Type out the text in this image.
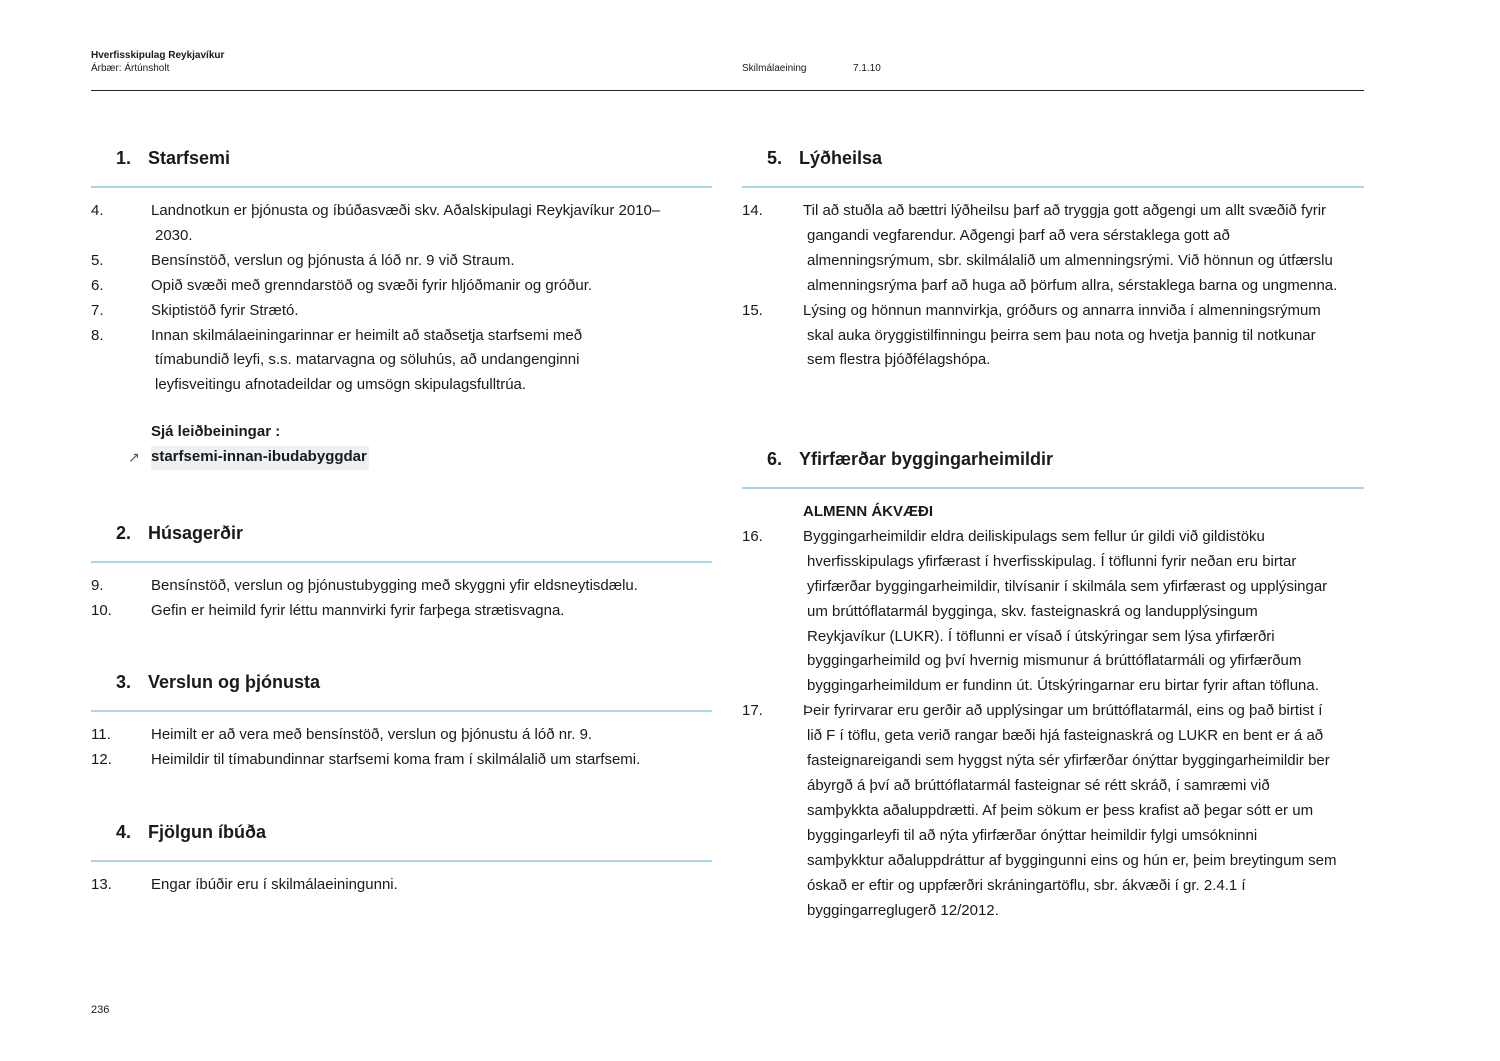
Hverfisskipulag Reykjavíkur
Árbær: Ártúnsholt	Skilmálaeining	7.1.10
1. Starfsemi
4.	Landnotkun er þjónusta og íbúðasvæði skv. Aðalskipulagi Reykjavíkur 2010–2030.
5.	Bensínstöð, verslun og þjónusta á lóð nr. 9 við Straum.
6.	Opið svæði með grenndarstöð og svæði fyrir hljóðmanir og gróður.
7.	Skiptistöð fyrir Strætó.
8.	Innan skilmálaeiningarinnar er heimilt að staðsetja starfsemi með tímabundið leyfi, s.s. matarvagna og söluhús, að undangenginni leyfisveitingu afnotadeildar og umsögn skipulagsfulltrúa.
Sjá leiðbeiningar :
↗ starfsemi-innan-ibudabyggdar
2. Húsagerðir
9.	Bensínstöð, verslun og þjónustubygging með skyggni yfir eldsneytisdælu.
10.	Gefin er heimild fyrir léttu mannvirki fyrir farþega strætisvagna.
3. Verslun og þjónusta
11.	Heimilt er að vera með bensínstöð, verslun og þjónustu á lóð nr. 9.
12.	Heimildir til tímabundinnar starfsemi koma fram í skilmálalið um starfsemi.
4. Fjölgun íbúða
13.	Engar íbúðir eru í skilmálaeiningunni.
5. Lýðheilsa
14.	Til að stuðla að bættri lýðheilsu þarf að tryggja gott aðgengi um allt svæðið fyrir gangandi vegfarendur. Aðgengi þarf að vera sérstaklega gott að almenningsrýmum, sbr. skilmálalið um almenningsrými. Við hönnun og útfærslu almenningsrýma þarf að huga að þörfum allra, sérstaklega barna og ungmenna.
15.	Lýsing og hönnun mannvirkja, gróðurs og annarra innviða í almenningsrýmum skal auka öryggistilfinningu þeirra sem þau nota og hvetja þannig til notkunar sem flestra þjóðfélagshópa.
6. Yfirfærðar byggingarheimildir
ALMENN ÁKVÆÐI
16.	Byggingarheimildir eldra deiliskipulags sem fellur úr gildi við gildistöku hverfisskipulags yfirfærast í hverfisskipulag. Í töflunni fyrir neðan eru birtar yfirfærðar byggingarheimildir, tilvísanir í skilmála sem yfirfærast og upplýsingar um brúttóflatarmál bygginga, skv. fasteignaskrá og landupplýsingum Reykjavíkur (LUKR). Í töflunni er vísað í útskýringar sem lýsa yfirfærðri byggingarheimild og því hvernig mismunur á brúttóflatarmáli og yfirfærðum byggingarheimildum er fundinn út. Útskýringarnar eru birtar fyrir aftan töfluna.
17.	Þeir fyrirvarar eru gerðir að upplýsingar um brúttóflatarmál, eins og það birtist í lið F í töflu, geta verið rangar bæði hjá fasteignaskrá og LUKR en bent er á að fasteignareigandi sem hyggst nýta sér yfirfærðar ónýttar byggingarheimildir ber ábyrgð á því að brúttóflatarmál fasteignar sé rétt skráð, í samræmi við samþykkta aðaluppdrætti. Af þeim sökum er þess krafist að þegar sótt er um byggingarleyfi til að nýta yfirfærðar ónýttar heimildir fylgi umsókninni samþykktur aðaluppdráttur af byggingunni eins og hún er, þeim breytingum sem óskað er eftir og uppfærðri skráningartöflu, sbr. ákvæði í gr. 2.4.1 í byggingarreglugerð 12/2012.
236
